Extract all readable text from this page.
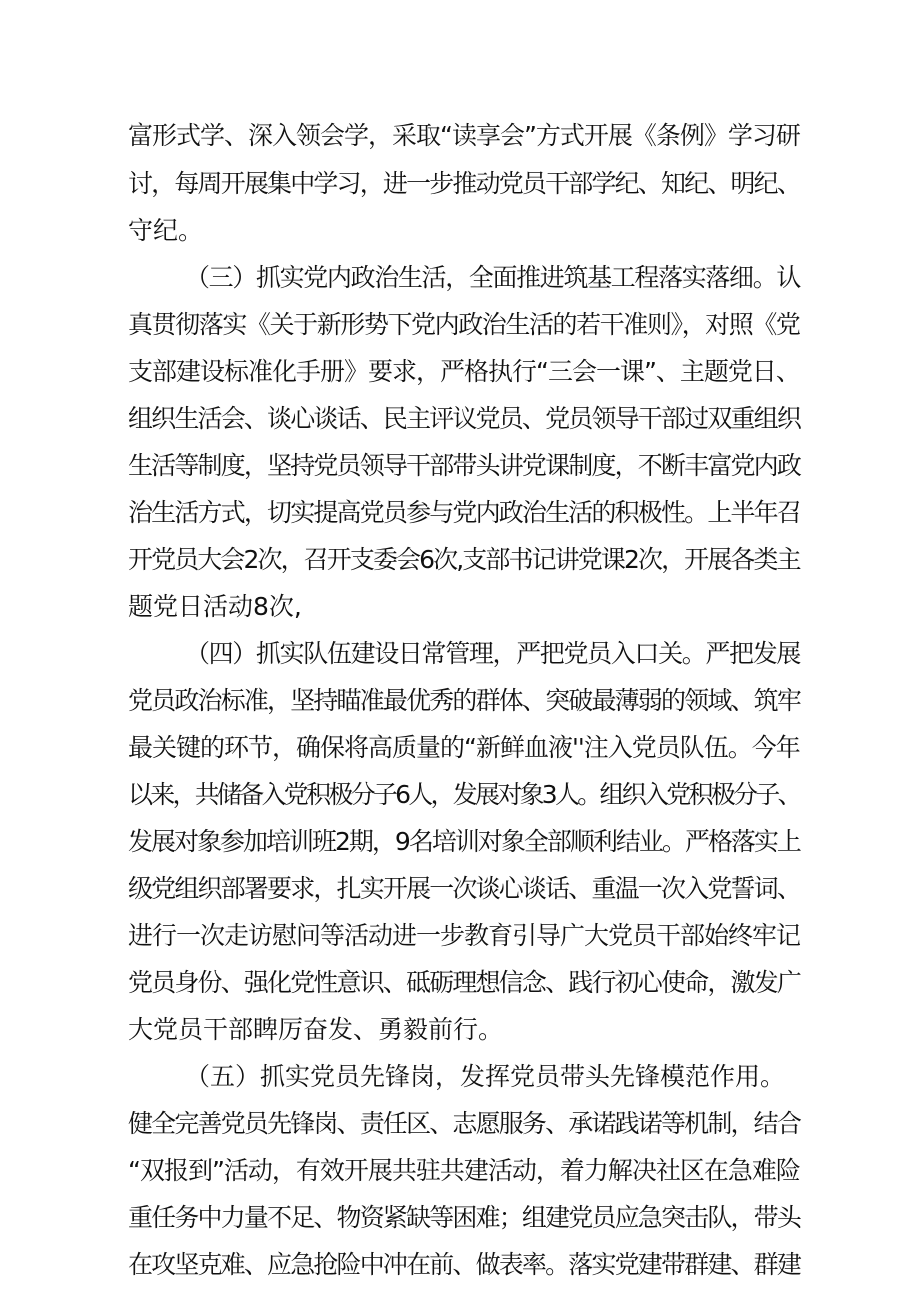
富形式学、深入领会学，采取“读享会”方式开展《条例》学习研

讨，每周开展集中学习，进一步推动党员干部学纪、知纪、明纪、

守纪。

（三）抓实党内政治生活，全面推进筑基工程落实落细。认

真贯彻落实《关于新形势下党内政治生活的若干准则》，对照《党

支部建设标准化手册》要求，严格执行“三会一课”、主题党日、

组织生活会、谈心谈话、民主评议党员、党员领导干部过双重组织

生活等制度，坚持党员领导干部带头讲党课制度，不断丰富党内政

治生活方式，切实提高党员参与党内政治生活的积极性。上半年召

开党员大会2次，召开支委会6次,支部书记讲党课2次，开展各类主

题党日活动8次,

（四）抓实队伍建设日常管理，严把党员入口关。严把发展

党员政治标准，坚持瞄准最优秀的群体、突破最薄弱的领域、筑牢

最关键的环节，确保将高质量的“新鲜血液''注入党员队伍。今年

以来，共储备入党积极分子6人，发展对象3人。组织入党积极分子、

发展对象参加培训班2期，9名培训对象全部顺利结业。严格落实上

级党组织部署要求，扎实开展一次谈心谈话、重温一次入党誓词、

进行一次走访慰问等活动进一步教育引导广大党员干部始终牢记

党员身份、强化党性意识、砥砺理想信念、践行初心使命，激发广

大党员干部睥厉奋发、勇毅前行。

（五）抓实党员先锋岗，发挥党员带头先锋模范作用。

健全完善党员先锋岗、责任区、志愿服务、承诺践诺等机制，结合

“双报到”活动，有效开展共驻共建活动，着力解决社区在急难险

重任务中力量不足、物资紧缺等困难；组建党员应急突击队，带头

在攻坚克难、应急抢险中冲在前、做表率。落实党建带群建、群建
